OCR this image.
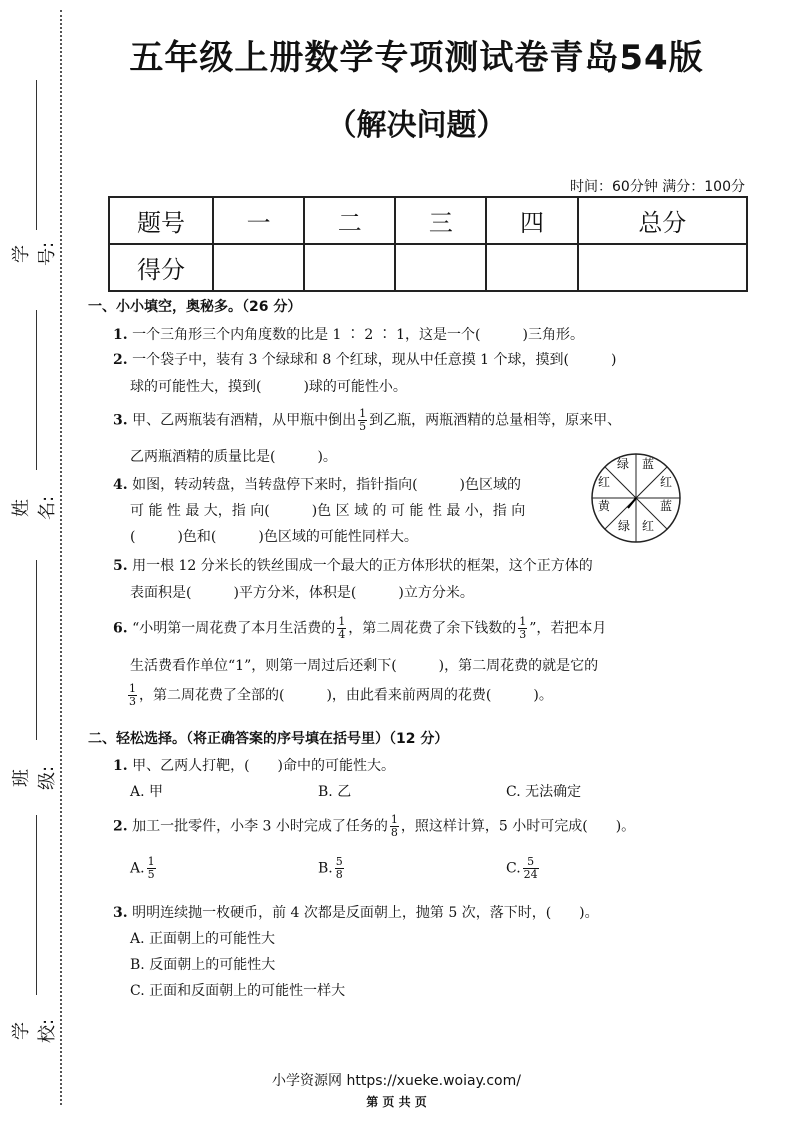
学号:
姓名:
班级:
学校:
五年级上册数学专项测试卷青岛54版
（解决问题）
时间：60分钟 满分：100分
题号	一	二	三	四	总分
得分					
一、小小填空，奥秘多。（26 分）
1. 一个三角形三个内角度数的比是 1 ∶ 2 ∶ 1，这是一个(　　　)三角形。
2. 一个袋子中，装有 3 个绿球和 8 个红球，现从中任意摸 1 个球，摸到(　　　)
球的可能性大，摸到(　　　)球的可能性小。
3. 甲、乙两瓶装有酒精，从甲瓶中倒出 $\frac{1}{5}$ 到乙瓶，两瓶酒精的总量相等，原来甲、
乙两瓶酒精的质量比是(　　　)。
4. 如图，转动转盘，当转盘停下来时，指针指向(　　　)色区域的
可 能 性 最 大，指 向(　　　)色 区 域 的 可 能 性 最 小，指 向
(　　　)色和(　　　)色区域的可能性同样大。
绿 蓝
红
蓝
红
绿
黄
红
5. 用一根 12 分米长的铁丝围成一个最大的正方体形状的框架，这个正方体的
表面积是(　　　)平方分米，体积是(　　　)立方分米。
6. “小明第一周花费了本月生活费的 $\frac{1}{4}$ ，第二周花费了余下钱数的 $\frac{1}{3}$ ”，若把本月
生活费看作单位“1”，则第一周过后还剩下(　　　)，第二周花费的就是它的
$\frac{1}{3}$ ，第二周花费了全部的(　　　)，由此看来前两周的花费(　　　)。
二、轻松选择。（将正确答案的序号填在括号里）（12 分）
1. 甲、乙两人打靶，(　　)命中的可能性大。
A. 甲	B. 乙	C. 无法确定
2. 加工一批零件，小李 3 小时完成了任务的 $\frac{1}{8}$ ，照这样计算，5 小时可完成(　　)。
A. $\frac{1}{5}$	B. $\frac{5}{8}$	C. $\frac{5}{24}$
3. 明明连续抛一枚硬币，前 4 次都是反面朝上，抛第 5 次，落下时，(　　)。
A. 正面朝上的可能性大
B. 反面朝上的可能性大
C. 正面和反面朝上的可能性一样大
小学资源网 https://xueke.woiay.com/
第 页 共 页
